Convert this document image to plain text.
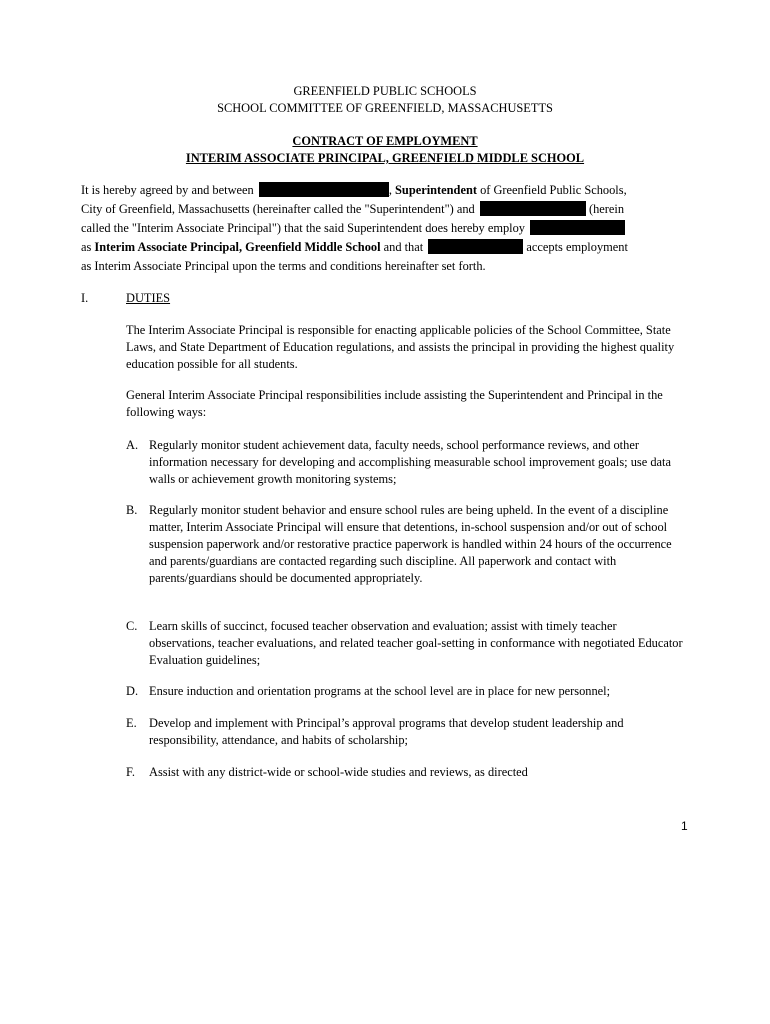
GREENFIELD PUBLIC SCHOOLS
SCHOOL COMMITTEE OF GREENFIELD, MASSACHUSETTS
CONTRACT OF EMPLOYMENT
INTERIM ASSOCIATE PRINCIPAL, GREENFIELD MIDDLE SCHOOL
It is hereby agreed by and between	, Superintendent of Greenfield Public Schools,
City of Greenfield, Massachusetts (hereinafter called the "Superintendent") and	(herein
called the "Interim Associate Principal") that the said Superintendent does hereby employ
as Interim Associate Principal, Greenfield Middle School and that	accepts employment
as Interim Associate Principal upon the terms and conditions hereinafter set forth.
I.	DUTIES
The Interim Associate Principal is responsible for enacting applicable policies of the School Committee, State Laws, and State Department of Education regulations, and assists the principal in providing the highest quality education possible for all students.
General Interim Associate Principal responsibilities include assisting the Superintendent and Principal in the following ways:
A. Regularly monitor student achievement data, faculty needs, school performance reviews, and other information necessary for developing and accomplishing measurable school improvement goals; use data walls or achievement growth monitoring systems;
B. Regularly monitor student behavior and ensure school rules are being upheld. In the event of a discipline matter, Interim Associate Principal will ensure that detentions, in-school suspension and/or out of school suspension paperwork and/or restorative practice paperwork is handled within 24 hours of the occurrence and parents/guardians are contacted regarding such discipline. All paperwork and contact with parents/guardians should be documented appropriately.
C. Learn skills of succinct, focused teacher observation and evaluation; assist with timely teacher observations, teacher evaluations, and related teacher goal-setting in conformance with negotiated Educator Evaluation guidelines;
D. Ensure induction and orientation programs at the school level are in place for new personnel;
E. Develop and implement with Principal’s approval programs that develop student leadership and responsibility, attendance, and habits of scholarship;
F. Assist with any district-wide or school-wide studies and reviews, as directed
1
